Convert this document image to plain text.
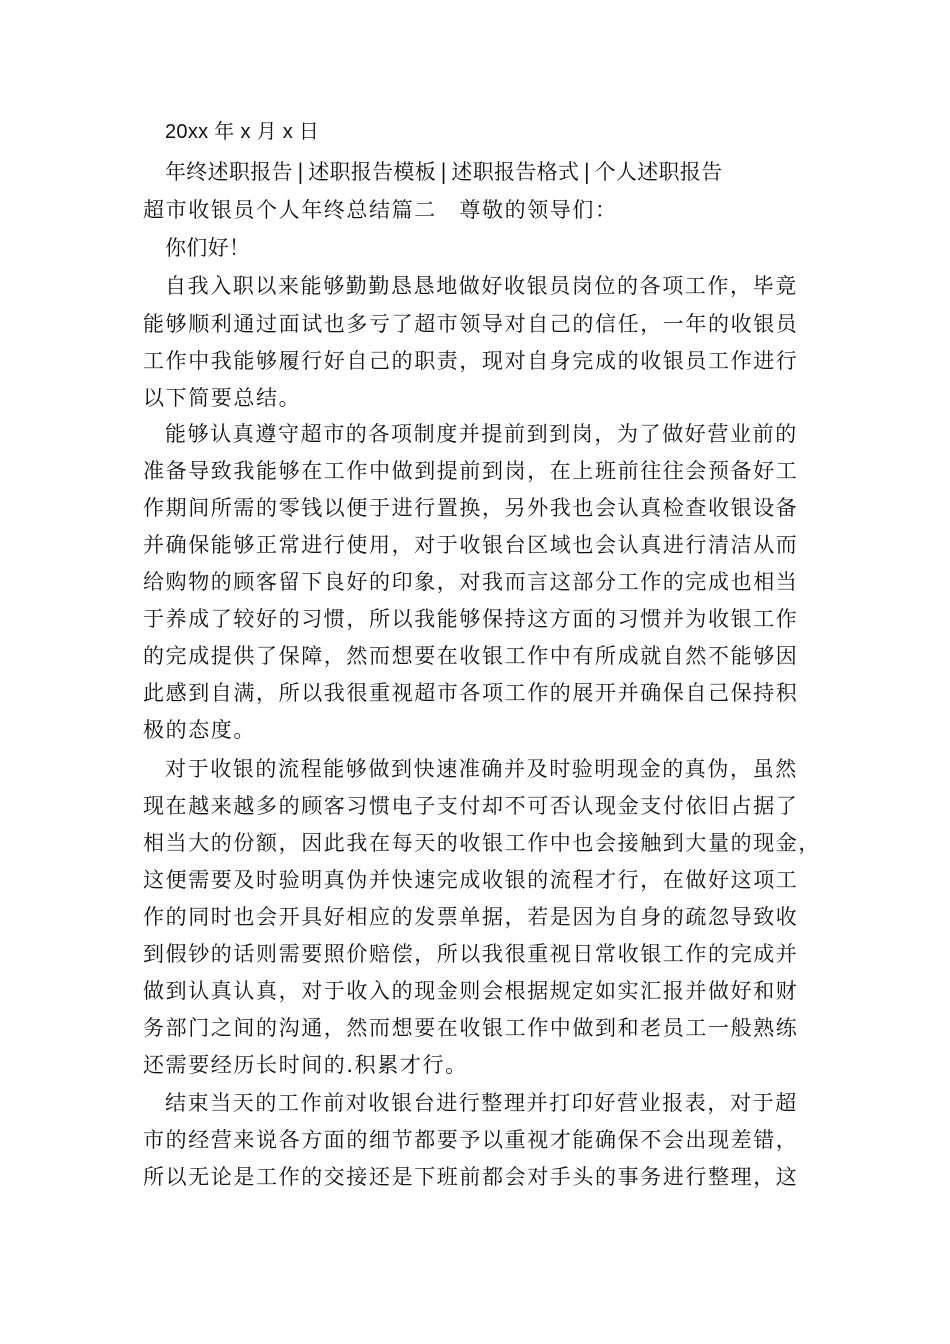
20xx 年 x 月 x 日
年终述职报告 | 述职报告模板 | 述职报告格式 | 个人述职报告
超市收银员个人年终总结篇二　尊敬的领导们：
你们好！
自我入职以来能够勤勤恳恳地做好收银员岗位的各项工作，毕竟
能够顺利通过面试也多亏了超市领导对自己的信任，一年的收银员
工作中我能够履行好自己的职责，现对自身完成的收银员工作进行
以下简要总结。
能够认真遵守超市的各项制度并提前到到岗，为了做好营业前的
准备导致我能够在工作中做到提前到岗，在上班前往往会预备好工
作期间所需的零钱以便于进行置换，另外我也会认真检查收银设备
并确保能够正常进行使用，对于收银台区域也会认真进行清洁从而
给购物的顾客留下良好的印象，对我而言这部分工作的完成也相当
于养成了较好的习惯，所以我能够保持这方面的习惯并为收银工作
的完成提供了保障，然而想要在收银工作中有所成就自然不能够因
此感到自满，所以我很重视超市各项工作的展开并确保自己保持积
极的态度。
对于收银的流程能够做到快速准确并及时验明现金的真伪，虽然
现在越来越多的顾客习惯电子支付却不可否认现金支付依旧占据了
相当大的份额，因此我在每天的收银工作中也会接触到大量的现金，
这便需要及时验明真伪并快速完成收银的流程才行，在做好这项工
作的同时也会开具好相应的发票单据，若是因为自身的疏忽导致收
到假钞的话则需要照价赔偿，所以我很重视日常收银工作的完成并
做到认真认真，对于收入的现金则会根据规定如实汇报并做好和财
务部门之间的沟通，然而想要在收银工作中做到和老员工一般熟练
还需要经历长时间的.积累才行。
结束当天的工作前对收银台进行整理并打印好营业报表，对于超
市的经营来说各方面的细节都要予以重视才能确保不会出现差错，
所以无论是工作的交接还是下班前都会对手头的事务进行整理，这
